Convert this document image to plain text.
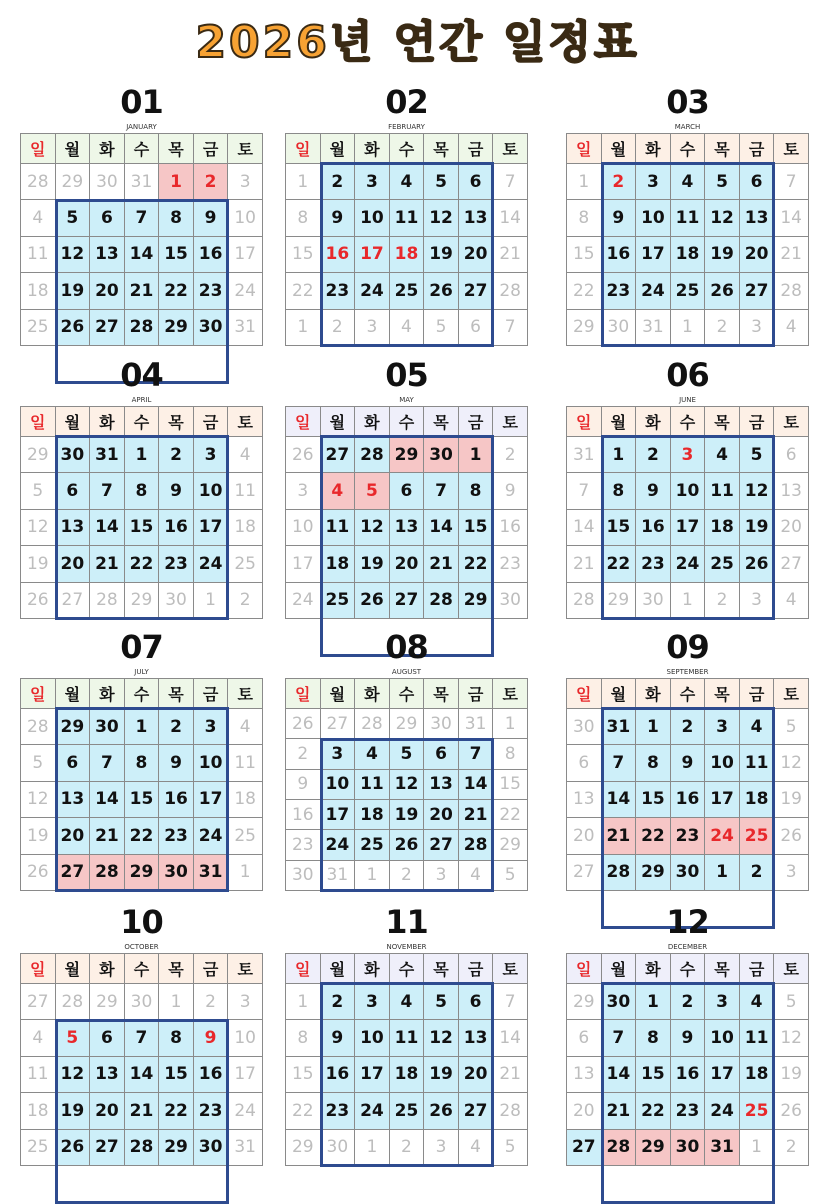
2026년 연간 일정표
01
JANUARY
일	월	화	수	목	금	토
28	29	30	31	1	2	3
4	5	6	7	8	9	10
11	12	13	14	15	16	17
18	19	20	21	22	23	24
25	26	27	28	29	30	31
02
FEBRUARY
일	월	화	수	목	금	토
1	2	3	4	5	6	7
8	9	10	11	12	13	14
15	16	17	18	19	20	21
22	23	24	25	26	27	28
1	2	3	4	5	6	7
03
MARCH
일	월	화	수	목	금	토
1	2	3	4	5	6	7
8	9	10	11	12	13	14
15	16	17	18	19	20	21
22	23	24	25	26	27	28
29	30	31	1	2	3	4
04
APRIL
일	월	화	수	목	금	토
29	30	31	1	2	3	4
5	6	7	8	9	10	11
12	13	14	15	16	17	18
19	20	21	22	23	24	25
26	27	28	29	30	1	2
05
MAY
일	월	화	수	목	금	토
26	27	28	29	30	1	2
3	4	5	6	7	8	9
10	11	12	13	14	15	16
17	18	19	20	21	22	23
24	25	26	27	28	29	30
06
JUNE
일	월	화	수	목	금	토
31	1	2	3	4	5	6
7	8	9	10	11	12	13
14	15	16	17	18	19	20
21	22	23	24	25	26	27
28	29	30	1	2	3	4
07
JULY
일	월	화	수	목	금	토
28	29	30	1	2	3	4
5	6	7	8	9	10	11
12	13	14	15	16	17	18
19	20	21	22	23	24	25
26	27	28	29	30	31	1
08
AUGUST
일	월	화	수	목	금	토
26	27	28	29	30	31	1
2	3	4	5	6	7	8
9	10	11	12	13	14	15
16	17	18	19	20	21	22
23	24	25	26	27	28	29
30	31	1	2	3	4	5
09
SEPTEMBER
일	월	화	수	목	금	토
30	31	1	2	3	4	5
6	7	8	9	10	11	12
13	14	15	16	17	18	19
20	21	22	23	24	25	26
27	28	29	30	1	2	3
10
OCTOBER
일	월	화	수	목	금	토
27	28	29	30	1	2	3
4	5	6	7	8	9	10
11	12	13	14	15	16	17
18	19	20	21	22	23	24
25	26	27	28	29	30	31
11
NOVEMBER
일	월	화	수	목	금	토
1	2	3	4	5	6	7
8	9	10	11	12	13	14
15	16	17	18	19	20	21
22	23	24	25	26	27	28
29	30	1	2	3	4	5
12
DECEMBER
일	월	화	수	목	금	토
29	30	1	2	3	4	5
6	7	8	9	10	11	12
13	14	15	16	17	18	19
20	21	22	23	24	25	26
27	28	29	30	31	1	2
